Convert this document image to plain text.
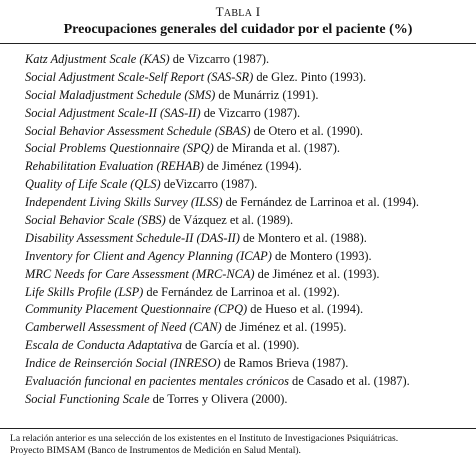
TABLA I
Preocupaciones generales del cuidador por el paciente (%)
Katz Adjustment Scale (KAS) de Vizcarro (1987).
Social Adjustment Scale-Self Report (SAS-SR) de Glez. Pinto (1993).
Social Maladjustment Schedule (SMS) de Munárriz (1991).
Social Adjustment Scale-II (SAS-II) de Vizcarro (1987).
Social Behavior Assessment Schedule (SBAS) de Otero et al. (1990).
Social Problems Questionnaire (SPQ) de Miranda et al. (1987).
Rehabilitation Evaluation (REHAB) de Jiménez (1994).
Quality of Life Scale (QLS) deVizcarro (1987).
Independent Living Skills Survey (ILSS) de Fernández de Larrinoa et al. (1994).
Social Behavior Scale (SBS) de Vázquez et al. (1989).
Disability Assessment Schedule-II (DAS-II) de Montero et al. (1988).
Inventory for Client and Agency Planning (ICAP) de Montero (1993).
MRC Needs for Care Assessment (MRC-NCA) de Jiménez et al. (1993).
Life Skills Profile (LSP) de Fernández de Larrinoa et al. (1992).
Community Placement Questionnaire (CPQ) de Hueso et al. (1994).
Camberwell Assessment of Need (CAN) de Jiménez et al. (1995).
Escala de Conducta Adaptativa de García et al. (1990).
Indice de Reinserción Social (INRESO) de Ramos Brieva (1987).
Evaluación funcional en pacientes mentales crónicos de Casado et al. (1987).
Social Functioning Scale de Torres y Olivera (2000).
La relación anterior es una selección de los existentes en el Instituto de Investigaciones Psiquiátricas.
Proyecto BIMSAM (Banco de Instrumentos de Medición en Salud Mental).
